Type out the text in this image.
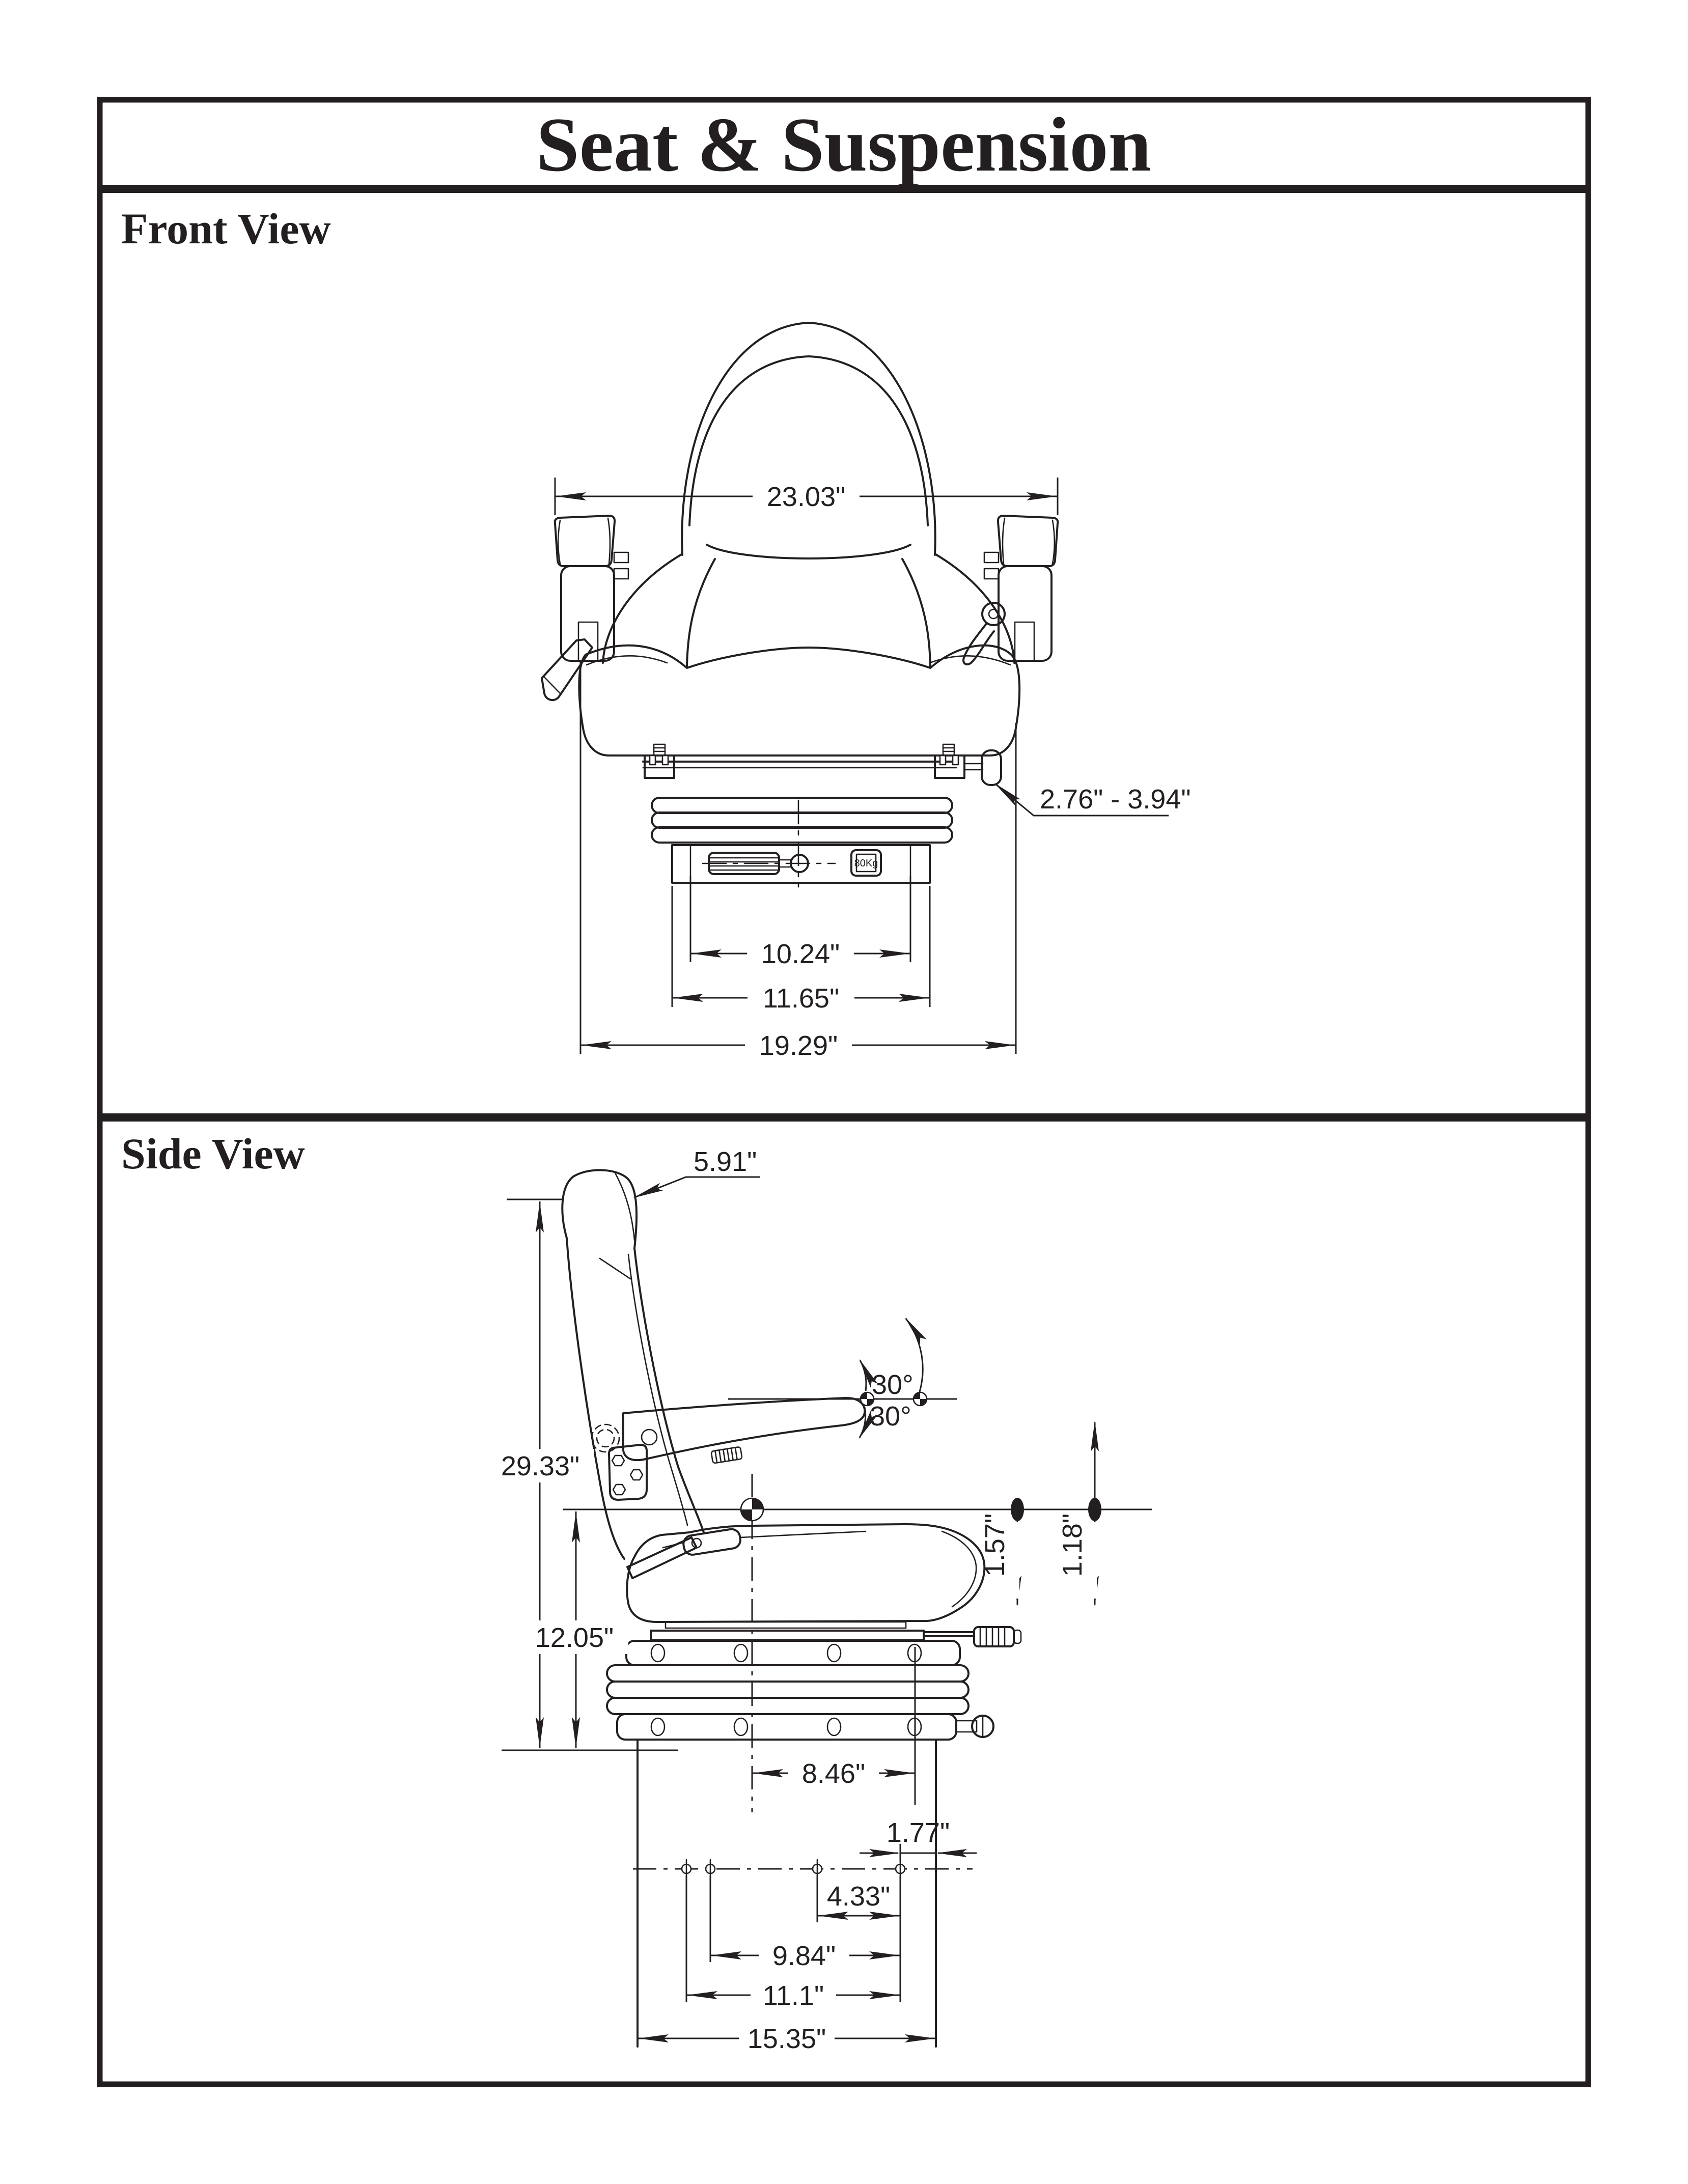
Seat & Suspension
Front View
Side View
80Kg
23.03"
2.76" - 3.94"
10.24"
11.65"
19.29"
30°
30°
5.91"
29.33"
12.05"
1.57" 1.18"
8.46"
1.77"
4.33"
9.84"
11.1"
15.35"
